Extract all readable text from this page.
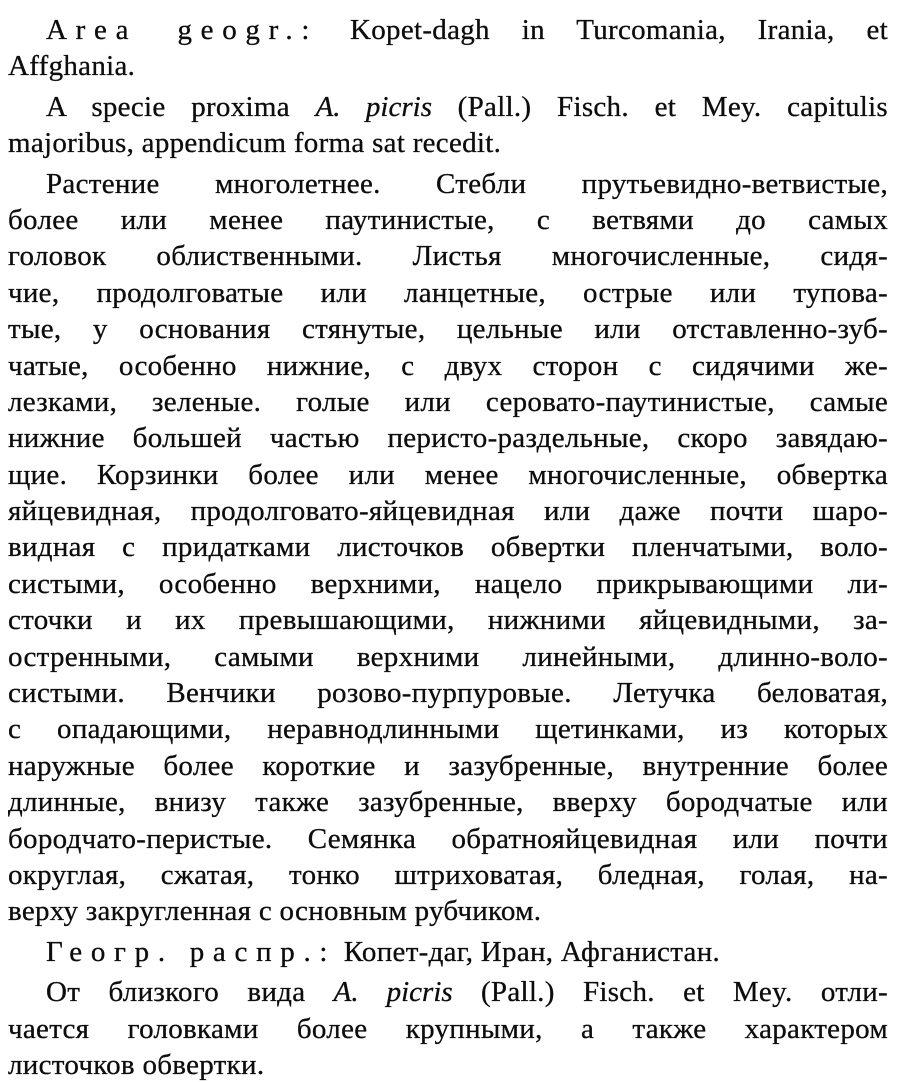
Area geogr.: Kopet-dagh in Turcomania, Irania, et
Affghania.
A specie proxima A. picris (Pall.) Fisch. et Mey. capitulis
majoribus, appendicum forma sat recedit.
Растение многолетнее. Стебли прутьевидно-ветвистые,
более или менее паутинистые, с ветвями до самых
головок облиственными. Листья многочисленные, сидя-
чие, продолговатые или ланцетные, острые или тупова-
тые, у основания стянутые, цельные или отставленно-зуб-
чатые, особенно нижние, с двух сторон с сидячими же-
лезками, зеленые. голые или серовато-паутинистые, самые
нижние большей частью перисто-раздельные, скоро завядаю-
щие. Корзинки более или менее многочисленные, обвертка
яйцевидная, продолговато-яйцевидная или даже почти шаро-
видная с придатками листочков обвертки пленчатыми, воло-
систыми, особенно верхними, нацело прикрывающими ли-
сточки и их превышающими, нижними яйцевидными, за-
остренными, самыми верхними линейными, длинно-воло-
систыми. Венчики розово-пурпуровые. Летучка беловатая,
с опадающими, неравнодлинными щетинками, из которых
наружные более короткие и зазубренные, внутренние более
длинные, внизу также зазубренные, вверху бородчатые или
бородчато-перистые. Семянка обратнояйцевидная или почти
округлая, сжатая, тонко штриховатая, бледная, голая, на-
верху закругленная с основным рубчиком.
Геогр. распр.: Копет-даг, Иран, Афганистан.
От близкого вида A. picris (Pall.) Fisch. et Mey. отли-
чается головками более крупными, а также характером
листочков обвертки.
